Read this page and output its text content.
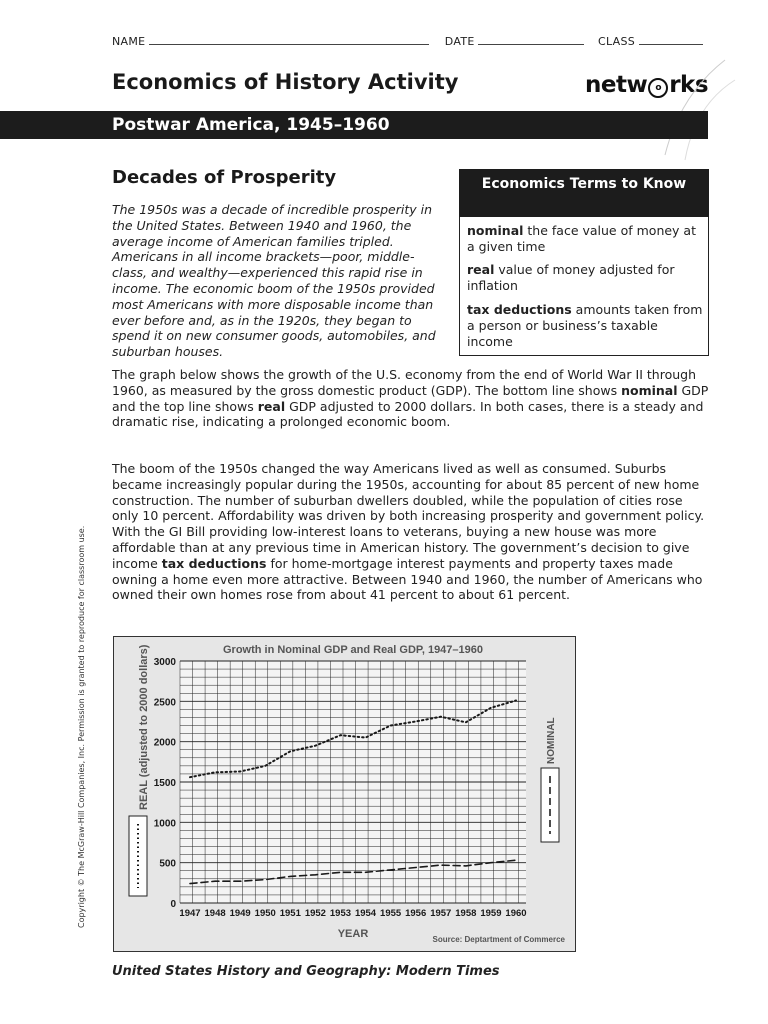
NAME	DATE	CLASS
Economics of History Activity	netw o rks
Postwar America, 1945–1960
Decades of Prosperity
The 1950s was a decade of incredible prosperity in the United States. Between 1940 and 1960, the average income of American families tripled. Americans in all income brackets—poor, middle-class, and wealthy—experienced this rapid rise in income. The economic boom of the 1950s provided most Americans with more disposable income than ever before and, as in the 1920s, they began to spend it on new consumer goods, automobiles, and suburban houses.
Economics Terms to Know
nominal the face value of money at a given time
real value of money adjusted for inflation
tax deductions amounts taken from a person or business’s taxable income
The graph below shows the growth of the U.S. economy from the end of World War II through 1960, as measured by the gross domestic product (GDP). The bottom line shows nominal GDP and the top line shows real GDP adjusted to 2000 dollars. In both cases, there is a steady and dramatic rise, indicating a prolonged economic boom.
The boom of the 1950s changed the way Americans lived as well as consumed. Suburbs became increasingly popular during the 1950s, accounting for about 85 percent of new home construction. The number of suburban dwellers doubled, while the population of cities rose only 10 percent. Affordability was driven by both increasing prosperity and government policy. With the GI Bill providing low-interest loans to veterans, buying a new house was more affordable than at any previous time in American history. The government’s decision to give income tax deductions for home-mortgage interest payments and property taxes made owning a home even more attractive. Between 1940 and 1960, the number of Americans who owned their own homes rose from about 41 percent to about 61 percent.
Copyright © The McGraw-Hill Companies, Inc. Permission is granted to reproduce for classroom use.	Growth in Nominal GDP and Real GDP, 1947–1960
0
500
1000
1500
2000
2500
3000
1947 1948 1949 1950 1951 1952 1953 1954 1955 1956 1957 1958 1959 1960
REAL (adjusted to 2000 dollars)	NOMINAL
YEAR	Source: Deptartment of Commerce
United States History and Geography: Modern Times
